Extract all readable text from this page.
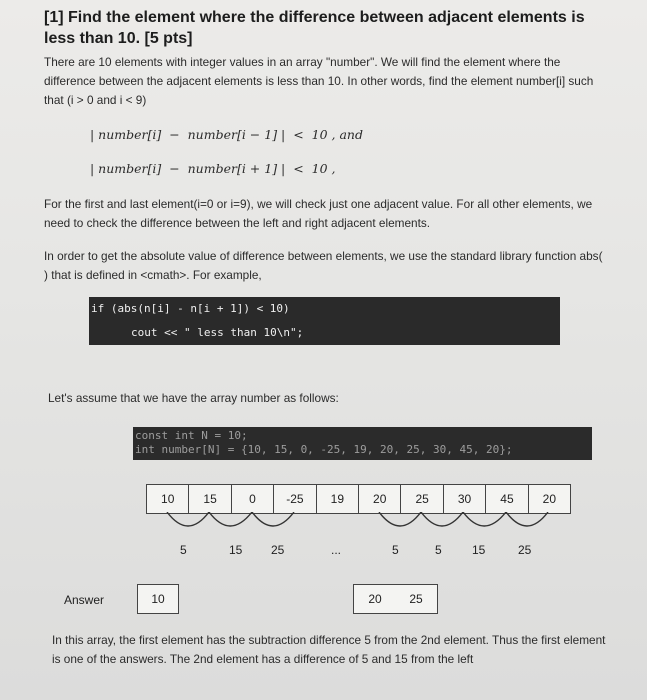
[1] Find the element where the difference between adjacent elements is less than 10. [5 pts]
There are 10 elements with integer values in an array "number". We will find the element where the difference between the adjacent elements is less than 10. In other words, find the element number[i] such that (i > 0 and i < 9)
| number[i]  −  number[i − 1] |  <  10 , and
| number[i]  −  number[i + 1] |  <  10 ,
For the first and last element(i=0 or i=9), we will check just one adjacent value. For all other elements, we need to check the difference between the left and right adjacent elements.
In order to get the absolute value of difference between elements, we use the standard library function abs( ) that is defined in <cmath>. For example,
if (abs(n[i] - n[i + 1]) < 10)
cout << " less than 10\n";
Let's assume that we have the array number as follows:
const int N = 10;
int number[N] = {10, 15, 0, -25, 19, 20, 25, 30, 45, 20};
10	15	0	-25	19	20	25	30	45	20
5	15 25	...	5	5	15	25
Answer	10	20	25
In this array, the first element has the subtraction difference 5 from the 2nd element. Thus the first element is one of the answers. The 2nd element has a difference of 5 and 15 from the left
